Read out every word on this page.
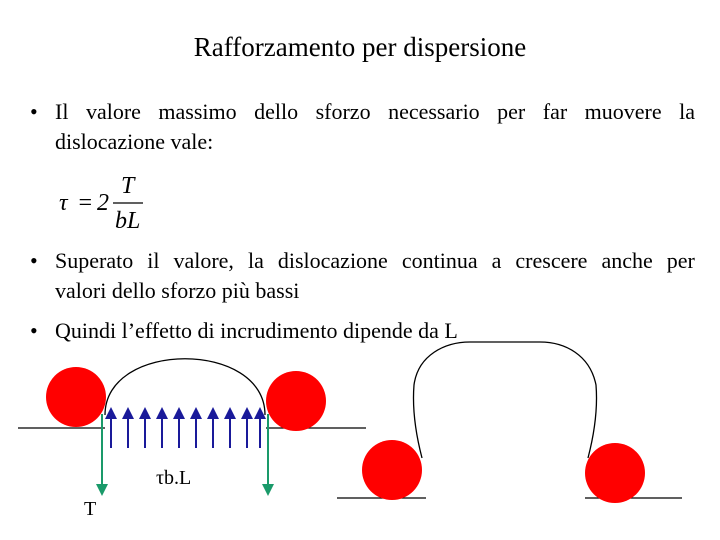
Rafforzamento per dispersione
• Il valore massimo dello sforzo necessario per far muovere la
dislocazione vale:
τ = 2
T
bL
• Superato il valore, la dislocazione continua a crescere anche per
valori dello sforzo più bassi
• Quindi l’effetto di incrudimento dipende da L
τb.L
T
